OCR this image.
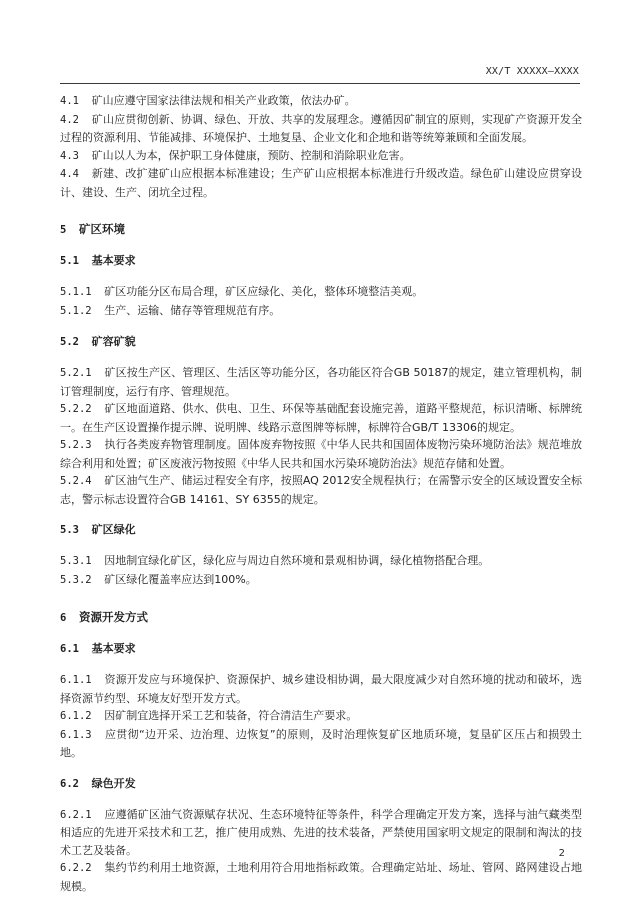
XX/T XXXXX—XXXX

4.1  矿山应遵守国家法律法规和相关产业政策，依法办矿。

4.2  矿山应贯彻创新、协调、绿色、开放、共享的发展理念。遵循因矿制宜的原则，实现矿产资源开发全过程的资源利用、节能减排、环境保护、土地复垦、企业文化和企地和谐等统筹兼顾和全面发展。

4.3  矿山以人为本，保护职工身体健康，预防、控制和消除职业危害。

4.4  新建、改扩建矿山应根据本标准建设；生产矿山应根据本标准进行升级改造。绿色矿山建设应贯穿设计、建设、生产、闭坑全过程。

5  矿区环境
5.1  基本要求

5.1.1  矿区功能分区布局合理，矿区应绿化、美化，整体环境整洁美观。

5.1.2  生产、运输、储存等管理规范有序。

5.2  矿容矿貌

5.2.1  矿区按生产区、管理区、生活区等功能分区，各功能区符合GB 50187的规定，建立管理机构，制订管理制度，运行有序、管理规范。

5.2.2  矿区地面道路、供水、供电、卫生、环保等基础配套设施完善，道路平整规范，标识清晰、标牌统一。在生产区设置操作提示牌、说明牌、线路示意图牌等标牌，标牌符合GB/T 13306的规定。

5.2.3  执行各类废弃物管理制度。固体废弃物按照《中华人民共和国固体废物污染环境防治法》规范堆放综合利用和处置；矿区废液污物按照《中华人民共和国水污染环境防治法》规范存储和处置。

5.2.4  矿区油气生产、储运过程安全有序，按照AQ 2012安全规程执行；在需警示安全的区域设置安全标志，警示标志设置符合GB 14161、SY 6355的规定。

5.3  矿区绿化

5.3.1  因地制宜绿化矿区，绿化应与周边自然环境和景观相协调，绿化植物搭配合理。

5.3.2  矿区绿化覆盖率应达到100%。

6  资源开发方式
6.1  基本要求

6.1.1  资源开发应与环境保护、资源保护、城乡建设相协调，最大限度减少对自然环境的扰动和破坏，选择资源节约型、环境友好型开发方式。

6.1.2  因矿制宜选择开采工艺和装备，符合清洁生产要求。

6.1.3  应贯彻“边开采、边治理、边恢复”的原则，及时治理恢复矿区地质环境，复垦矿区压占和损毁土地。

6.2  绿色开发

6.2.1  应遵循矿区油气资源赋存状况、生态环境特征等条件，科学合理确定开发方案，选择与油气藏类型相适应的先进开采技术和工艺，推广使用成熟、先进的技术装备，严禁使用国家明文规定的限制和淘汰的技术工艺及装备。

6.2.2  集约节约利用土地资源，土地利用符合用地指标政策。合理确定站址、场址、管网、路网建设占地规模。

2
